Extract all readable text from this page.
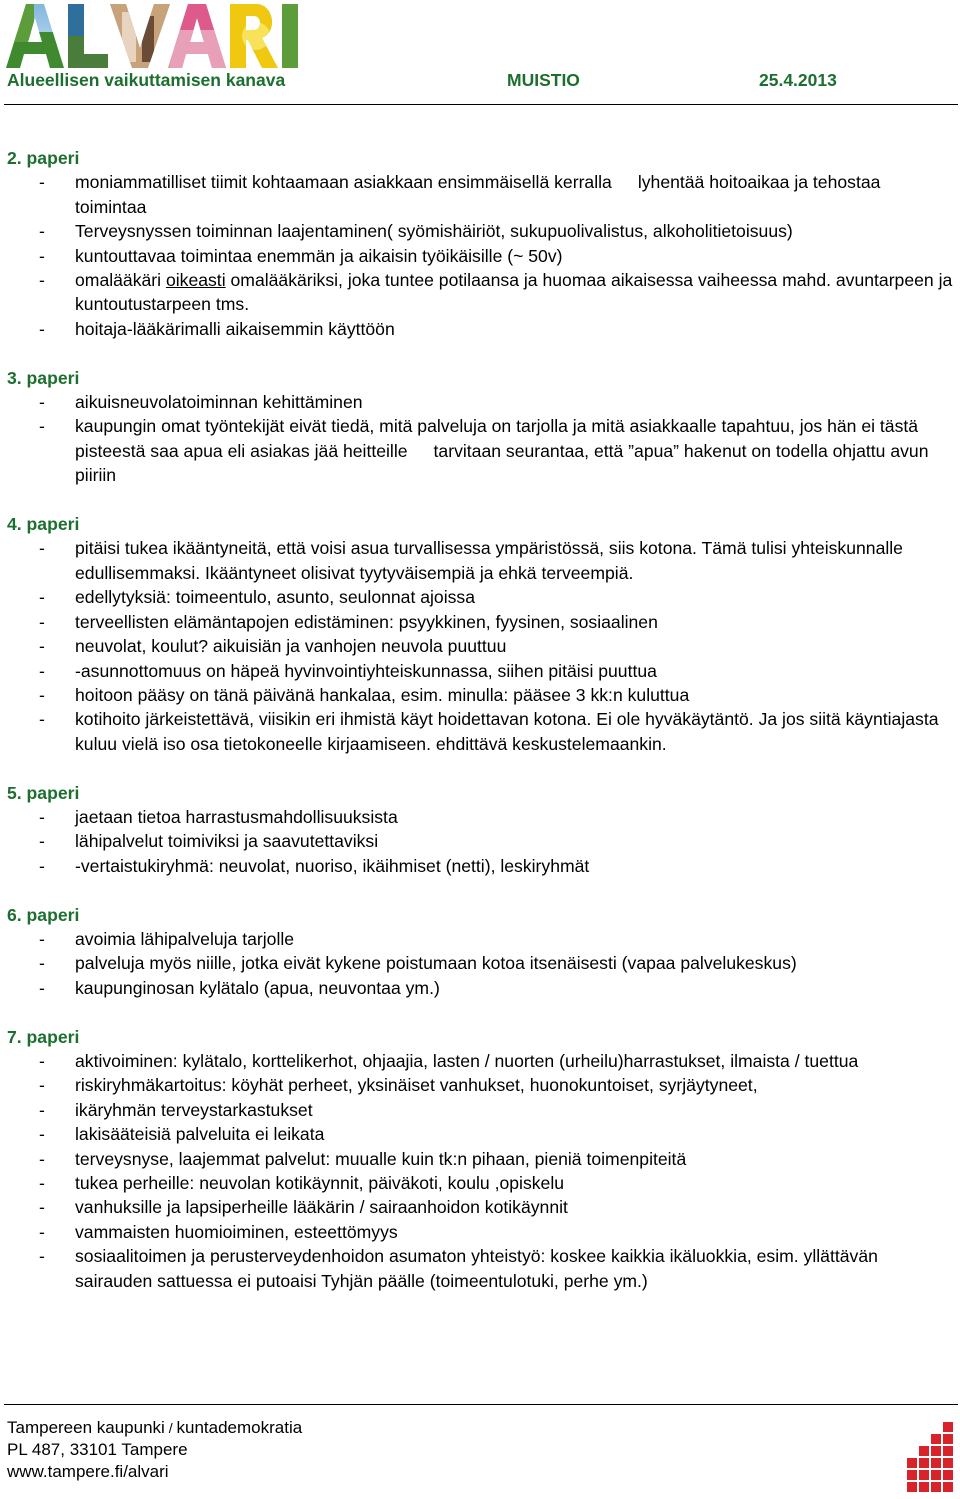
Alueellisen vaikuttamisen kanava	MUISTIO	25.4.2013
2. paperi
- moniammatilliset tiimit kohtaamaan asiakkaan ensimmäisellä kerralla lyhentää hoitoaikaa ja tehostaa toimintaa
- Terveysnyssen toiminnan laajentaminen( syömishäiriöt, sukupuolivalistus, alkoholitietoisuus)
- kuntouttavaa toimintaa enemmän ja aikaisin työikäisille (~ 50v)
- omalääkäri oikeasti omalääkäriksi, joka tuntee potilaansa ja huomaa aikaisessa vaiheessa mahd. avuntarpeen ja kuntoutustarpeen tms.
- hoitaja-lääkärimalli aikaisemmin käyttöön
3. paperi
- aikuisneuvolatoiminnan kehittäminen
- kaupungin omat työntekijät eivät tiedä, mitä palveluja on tarjolla ja mitä asiakkaalle tapahtuu, jos hän ei tästä pisteestä saa apua eli asiakas jää heitteille tarvitaan seurantaa, että ”apua” hakenut on todella ohjattu avun piiriin
4. paperi
- pitäisi tukea ikääntyneitä, että voisi asua turvallisessa ympäristössä, siis kotona. Tämä tulisi yhteiskunnalle edullisemmaksi. Ikääntyneet olisivat tyytyväisempiä ja ehkä terveempiä.
- edellytyksiä: toimeentulo, asunto, seulonnat ajoissa
- terveellisten elämäntapojen edistäminen: psyykkinen, fyysinen, sosiaalinen
- neuvolat, koulut? aikuisiän ja vanhojen neuvola puuttuu
- -asunnottomuus on häpeä hyvinvointiyhteiskunnassa, siihen pitäisi puuttua
- hoitoon pääsy on tänä päivänä hankalaa, esim. minulla: pääsee 3 kk:n kuluttua
- kotihoito järkeistettävä, viisikin eri ihmistä käyt hoidettavan kotona. Ei ole hyväkäytäntö. Ja jos siitä käyntiajasta kuluu vielä iso osa tietokoneelle kirjaamiseen. ehdittävä keskustelemaankin.
5. paperi
- jaetaan tietoa harrastusmahdollisuuksista
- lähipalvelut toimiviksi ja saavutettaviksi
- -vertaistukiryhmä: neuvolat, nuoriso, ikäihmiset (netti), leskiryhmät
6. paperi
- avoimia lähipalveluja tarjolle
- palveluja myös niille, jotka eivät kykene poistumaan kotoa itsenäisesti (vapaa palvelukeskus)
- kaupunginosan kylätalo (apua, neuvontaa ym.)
7. paperi
- aktivoiminen: kylätalo, korttelikerhot, ohjaajia, lasten / nuorten (urheilu)harrastukset, ilmaista / tuettua
- riskiryhmäkartoitus: köyhät perheet, yksinäiset vanhukset, huonokuntoiset, syrjäytyneet,
- ikäryhmän terveystarkastukset
- lakisääteisiä palveluita ei leikata
- terveysnyse, laajemmat palvelut: muualle kuin tk:n pihaan, pieniä toimenpiteitä
- tukea perheille: neuvolan kotikäynnit, päiväkoti, koulu ,opiskelu
- vanhuksille ja lapsiperheille lääkärin / sairaanhoidon kotikäynnit
- vammaisten huomioiminen, esteettömyys
- sosiaalitoimen ja perusterveydenhoidon asumaton yhteistyö: koskee kaikkia ikäluokkia, esim. yllättävän sairauden sattuessa ei putoaisi Tyhjän päälle (toimeentulotuki, perhe ym.)
Tampereen kaupunki / kuntademokratia
PL 487, 33101 Tampere
www.tampere.fi/alvari
